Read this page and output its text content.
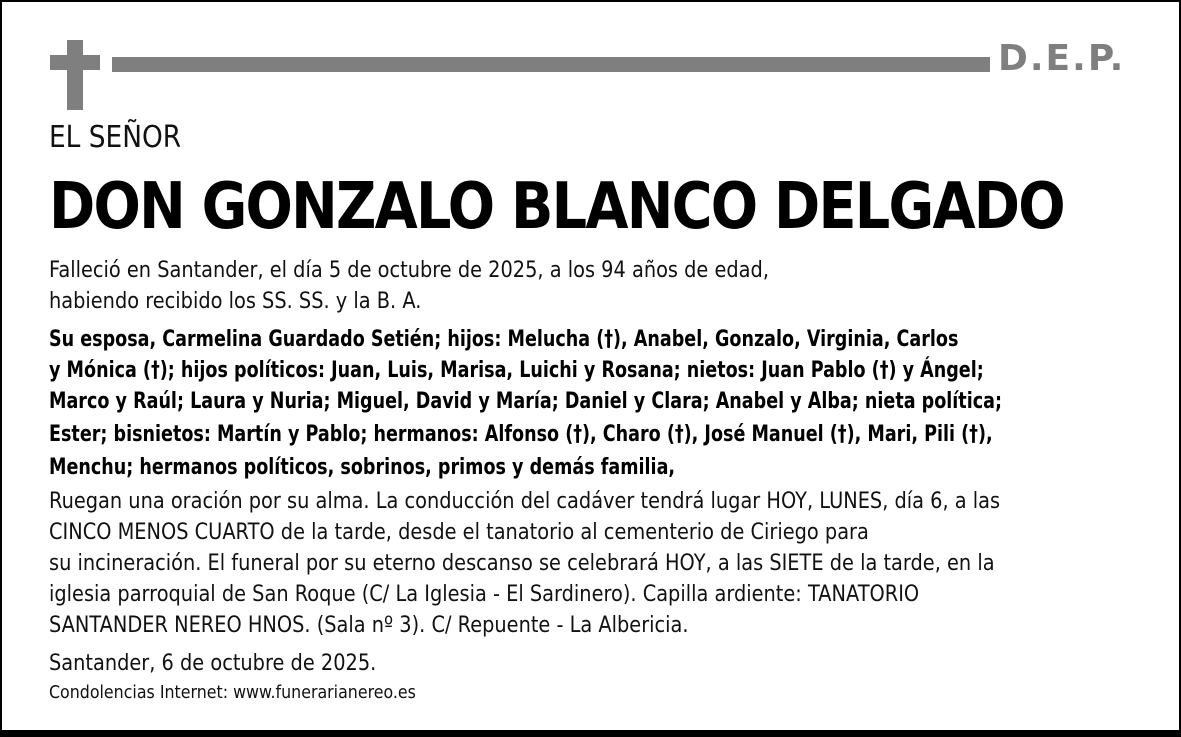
D.E.P.
EL SEÑOR
DON GONZALO BLANCO DELGADO
Falleció en Santander, el día 5 de octubre de 2025, a los 94 años de edad,
habiendo recibido los SS. SS. y la B. A.
Su esposa, Carmelina Guardado Setién; hijos: Melucha (†), Anabel, Gonzalo, Virginia, Carlos
y Mónica (†); hijos políticos: Juan, Luis, Marisa, Luichi y Rosana; nietos: Juan Pablo (†) y Ángel;
Marco y Raúl; Laura y Nuria; Miguel, David y María; Daniel y Clara; Anabel y Alba; nieta política;
Ester; bisnietos: Martín y Pablo; hermanos: Alfonso (†), Charo (†), José Manuel (†), Mari, Pili (†),
Menchu; hermanos políticos, sobrinos, primos y demás familia,
Ruegan una oración por su alma. La conducción del cadáver tendrá lugar HOY, LUNES, día 6, a las
CINCO MENOS CUARTO de la tarde, desde el tanatorio al cementerio de Ciriego para
su incineración. El funeral por su eterno descanso se celebrará HOY, a las SIETE de la tarde, en la
iglesia parroquial de San Roque (C/ La Iglesia - El Sardinero). Capilla ardiente: TANATORIO
SANTANDER NEREO HNOS. (Sala nº 3). C/ Repuente - La Albericia.
Santander, 6 de octubre de 2025.
Condolencias Internet: www.funerarianereo.es
